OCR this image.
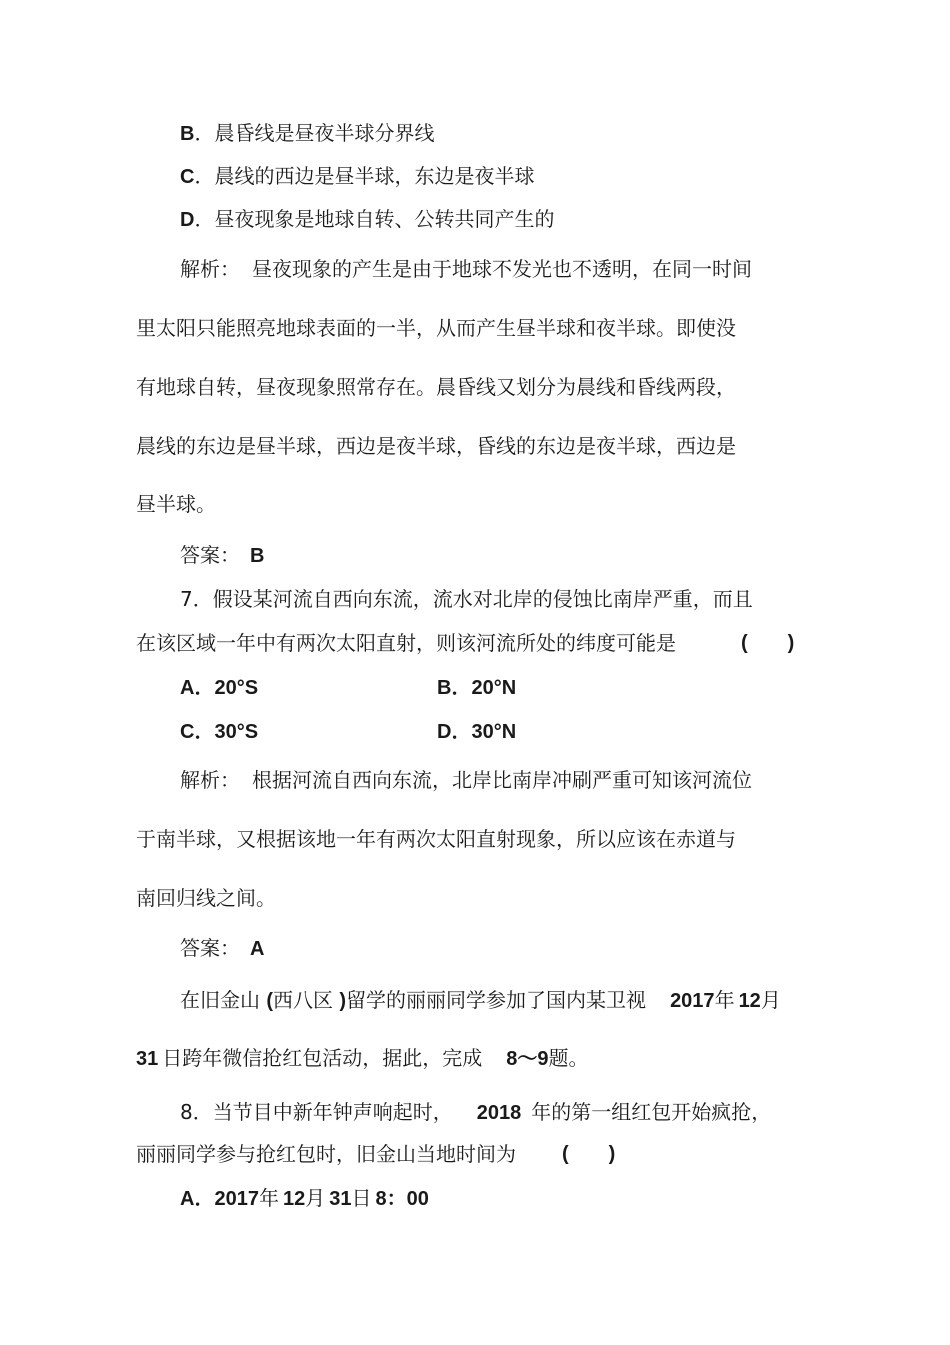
B．晨昏线是昼夜半球分界线
C．晨线的西边是昼半球，东边是夜半球
D．昼夜现象是地球自转、公转共同产生的
解析： 昼夜现象的产生是由于地球不发光也不透明，在同一时间
里太阳只能照亮地球表面的一半，从而产生昼半球和夜半球。即使没
有地球自转，昼夜现象照常存在。晨昏线又划分为晨线和昏线两段，
晨线的东边是昼半球，西边是夜半球，昏线的东边是夜半球，西边是
昼半球。
答案： B
7．假设某河流自西向东流，流水对北岸的侵蚀比南岸严重，而且
在该区域一年中有两次太阳直射，则该河流所处的纬度可能是	(　　)
A．20°S	B．20°N
C．30°S	D．30°N
解析： 根据河流自西向东流，北岸比南岸冲刷严重可知该河流位
于南半球，又根据该地一年有两次太阳直射现象，所以应该在赤道与
南回归线之间。
答案： A
在旧金山 (西八区 )留学的丽丽同学参加了国内某卫视 2017年 12月
31 日跨年微信抢红包活动，据此，完成 8～9题。
8．当节目中新年钟声响起时， 2018 年的第一组红包开始疯抢，
丽丽同学参与抢红包时，旧金山当地时间为 (　　)
A．2017年 12月 31日 8：00
